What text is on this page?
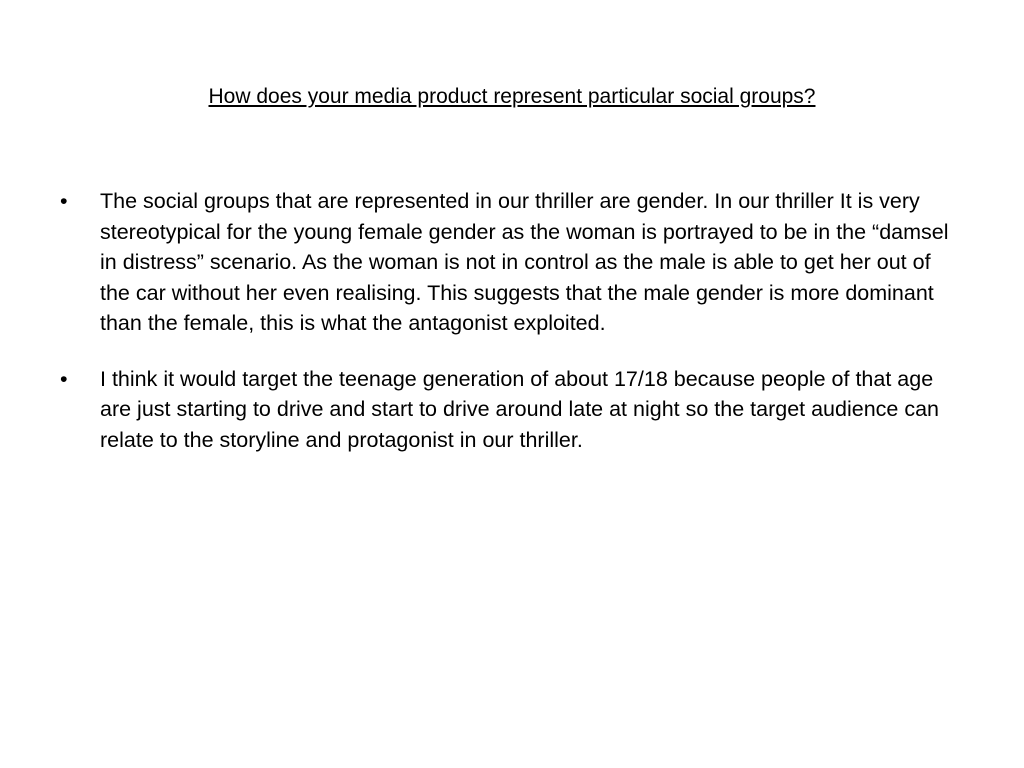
How does your media product represent particular social groups?
• The social groups that are represented in our thriller are gender. In our thriller It is very stereotypical for the young female gender as the woman is portrayed to be in the “damsel in distress” scenario. As the woman is not in control as the male is able to get her out of the car without her even realising. This suggests that the male gender is more dominant than the female, this is what the antagonist exploited.
• I think it would target the teenage generation of about 17/18 because people of that age are just starting to drive and start to drive around late at night so the target audience can relate to the storyline and protagonist in our thriller.
